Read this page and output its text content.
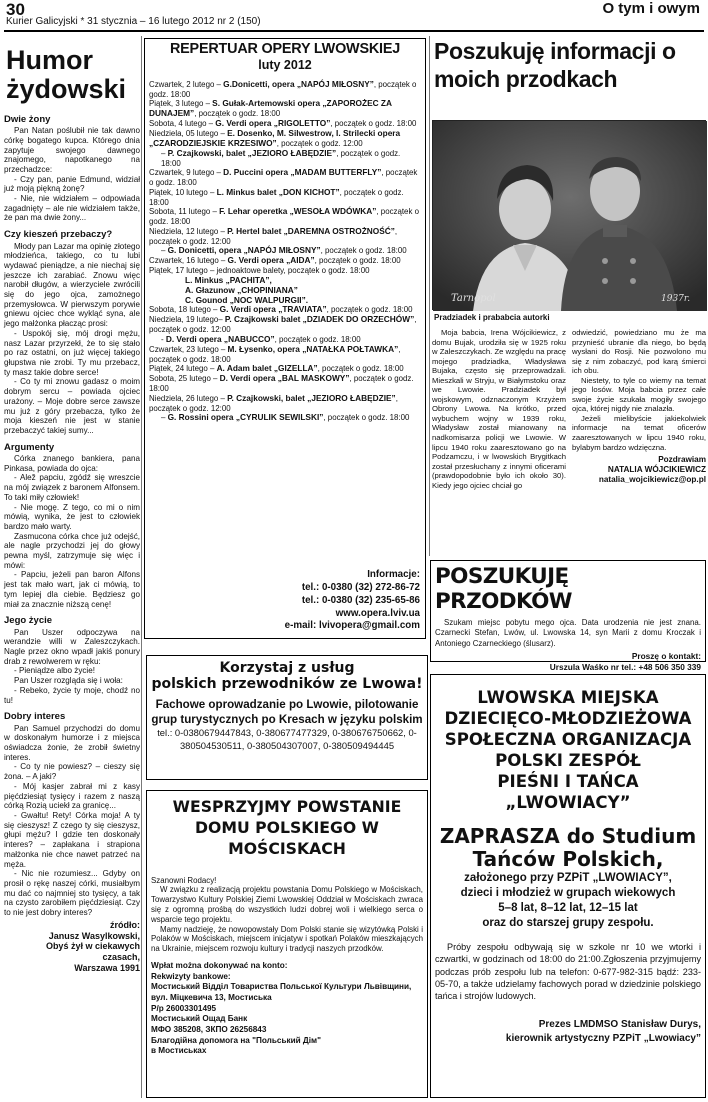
30
Kurier Galicyjski * 31 stycznia – 16 lutego 2012 nr 2 (150)
O tym i owym
Humor żydowski
Dwie żony

Pan Natan poślubił nie tak dawno córkę bogatego kupca. Którego dnia zapytuje swojego dawnego znajomego, napotkanego na przechadzce:

- Czy pan, panie Edmund, widział już moją piękną żonę?

- Nie, nie widziałem – odpowiada zagadnięty – ale nie widziałem także, że pan ma dwie żony...

Czy kieszeń przebaczy?

Młody pan Lazar ma opinię złotego młodzieńca, takiego, co tu lubi wydawać pieniądze, a nie niechaj się jeszcze ich zarabiać. Znowu więc narobił długów, a wierzyciele zwrócili się do jego ojca, zamożnego przemysłowca. W pierwszym porywie gniewu ojciec chce wykląć syna, ale jego małżonka płacząc prosi:

- Uspokój się, mój drogi mężu, nasz Lazar przyrzekł, że to się stało po raz ostatni, on już więcej takiego głupstwa nie zrobi. Ty mu przebacz, ty masz takie dobre serce!

- Co ty mi znowu gadasz o moim dobrym sercu – powiada ojciec urażony. – Moje dobre serce zawsze mu już z góry przebacza, tylko że moja kieszeń nie jest w stanie przebaczyć takiej sumy...

Argumenty

Córka znanego bankiera, pana Pinkasa, powiada do ojca:

- Alež papciu, zgódź się wreszcie na mój związek z baronem Alfonsem. To taki miły człowiek!

- Nie mogę. Z tego, co mi o nim mówią, wynika, że jest to człowiek bardzo mało warty.

Zasmucona córka chce już odejść, ale nagle przychodzi jej do głowy pewna myśl, zatrzymuje się więc i mówi:

- Papciu, jeżeli pan baron Alfons jest tak mało wart, jak ci mówią, to tym lepiej dla ciebie. Będziesz go miał za znacznie niższą cenę!

Jego życie

Pan Uszer odpoczywa na werandzie willi w Zaleszczykach. Nagle przez okno wpadł jakiś ponury drab z rewolwerem w ręku:

- Pieniądze albo życie!

Pan Uszer rozgląda się i woła:

- Rebeko, życie ty moje, chodź no tu!

Dobry interes

Pan Samuel przychodzi do domu w doskonałym humorze i z miejsca oświadcza żonie, że zrobił świetny interes.

- Co ty nie powiesz? – cieszy się żona. – A jaki?

- Mój kasjer zabrał mi z kasy pięćdziesiąt tysięcy i razem z naszą córką Rozią uciekł za granicę...

- Gwałtu! Rety! Córka moja! A ty się cieszysz! Z czego ty się cieszysz, głupi mężu? I gdzie ten doskonały interes? – zapłakana i strapiona małżonka nie chce nawet patrzeć na męża.

- Nic nie rozumiesz... Gdyby on prosił o rękę naszej córki, musiałbym mu dać co najmniej sto tysięcy, a tak na czysto zarobiłem pięćdziesiąt. Czy to nie jest dobry interes?

źródło:
Janusz Wasylkowski,
Obyś żył w ciekawych
czasach,
Warszawa 1991
REPERTUAR OPERY LWOWSKIEJ
luty 2012
Czwartek, 2 lutego – G.Donicetti, opera „NAPÓJ MIŁOSNY”, początek o godz. 18:00
Piątek, 3 lutego – S. Gułak-Artemowski opera „ZAPOROŻEC ZA DUNAJEM”, początek o godz. 18:00
Sobota, 4 lutego – G. Verdi opera „RIGOLETTO”, początek o godz. 18:00
Niedziela, 05 lutego – E. Dosenko, M. Silwestrow, I. Strilecki opera „CZARODZIEJSKIE KRZESIWO”, początek o godz. 12:00
– P. Czajkowski, balet „JEZIORO ŁABĘDZIE”, początek o godz. 18:00
Czwartek, 9 lutego – D. Puccini opera „MADAM BUTTERFLY”, początek o godz. 18:00
Piątek, 10 lutego – L. Minkus balet „DON KICHOT”, początek o godz. 18:00
Sobota, 11 lutego – F. Lehar operetka „WESOŁA WDÓWKA”, początek o godz. 18:00
Niedziela, 12 lutego – P. Hertel balet „DAREMNA OSTROŻNOŚĆ”, początek o godz. 12:00
– G. Donicetti, opera „NAPÓJ MIŁOSNY”, początek o godz. 18:00
Czwartek, 16 lutego – G. Verdi opera „AIDA”, początek o godz. 18:00
Piątek, 17 lutego – jednoaktowe balety, początek o godz. 18:00
L. Minkus „PACHITA”,
A. Głazunow „CHOPINIANA”
C. Gounod „NOC WALPURGII”.
Sobota, 18 lutego – G. Verdi opera „TRAVIATA”, początek o godz. 18:00
Niedziela, 19 lutego– P. Czajkowski balet „DZIADEK DO ORZECHÓW”, początek o godz. 12:00
- D. Verdi opera „NABUCCO”, początek o godz. 18:00
Czwartek, 23 lutego – M. Łysenko, opera „NATAŁKA POŁTAWKA”, początek o godz. 18:00
Piątek, 24 lutego – A. Adam balet „GIZELLA”, początek o godz. 18:00
Sobota, 25 lutego – D. Verdi opera „BAL MASKOWY”, początek o godz. 18:00
Niedziela, 26 lutego – P. Czajkowski, balet „JEZIORO ŁABĘDZIE”, początek o godz. 12:00
– G. Rossini opera „CYRULIK SEWILSKI”, początek o godz. 18:00
Informacje:
tel.: 0-0380 (32) 272-86-72
tel.: 0-0380 (32) 235-65-86
www.opera.lviv.ua
e-mail: lvivopera@gmail.com
Korzystaj z usług
polskich przewodników ze Lwowa!
Fachowe oprowadzanie po Lwowie, pilotowanie grup turystycznych po Kresach w języku polskim
tel.: 0-0380679447843, 0-380677477329, 0-380676750662, 0-380504530511, 0-380504307007, 0-380509494445
WESPRZYJMY POWSTANIE DOMU POLSKIEGO W MOŚCISKACH

Szanowni Rodacy!

W związku z realizacją projektu powstania Domu Polskiego w Mościskach, Towarzystwo Kultury Polskiej Ziemi Lwowskiej Oddział w Mościskach zwraca się z ogromną prośbą do wszystkich ludzi dobrej woli i wielkiego serca o wsparcie tego projektu.

Mamy nadzieję, że nowopowstały Dom Polski stanie się wizytówką Polski i Polaków w Mościskach, miejscem inicjatyw i spotkań Polaków mieszkających na Ukrainie, miejscem rozwoju kultury i tradycji naszych przodków.

Wpłat można dokonywać na konto:
Rekwizyty bankowe:
Мостиський Відділ Товариства Польської Культури Львівщини, вул. Міцкевича 13, Мостиська
Р/р 26003301495
Мостиський Ощад Банк
МФО 385208, ЗКПО 26256843
Благодійна допомога на "Польський Дім"
в Мостиськах
Poszukuję informacji o moich przodkach
Tarnopol	1937r.
Pradziadek i prababcia autorki

Moja babcia, Irena Wójcikiewicz, z domu Bujak, urodziła się w 1925 roku w Zaleszczykach. Ze względu na pracę mojego pradziadka, Władysława Bujaka, często się przeprowadzali. Mieszkali w Stryju, w Białymstoku oraz we Lwowie. Pradziadek był wojskowym, odznaczonym Krzyżem Obrony Lwowa. Na krótko, przed wybuchem wojny w 1939 roku, Władysław został mianowany na nadkomisarza policji we Lwowie. W lipcu 1940 roku zaaresztowano go na Podzamczu, i w lwowskich Brygitkach został przesłuchany z innymi oficerami (prawdopodobnie było ich około 30). Kiedy jego ojciec chciał go

odwiedzić, powiedziano mu że ma przynieść ubranie dla niego, bo będą wysłani do Rosji. Nie pozwolono mu się z nim zobaczyć, pod karą śmierci ich obu.

Niestety, to tyle co wiemy na temat jego losów. Moja babcia przez całe swoje życie szukała mogiły swojego ojca, której nigdy nie znalazła.

Jeżeli mielibyście jakiekolwiek informacje na temat oficerów zaaresztowanych w lipcu 1940 roku, bylabym bardzo wdzięczna.

Pozdrawiam
NATALIA WÓJCIKIEWICZ
natalia_wojcikiewicz@op.pl
POSZUKUJĘ PRZODKÓW
Szukam miejsc pobytu mego ojca. Data urodzenia nie jest znana. Czarnecki Stefan, Lwów, ul. Lwowska 14, syn Marii z domu Kroczak i Antoniego Czarneckiego (ślusarz).
Proszę o kontakt:
Urszula Waśko nr tel.: +48 506 350 339
LWOWSKA MIEJSKA
DZIECIĘCO-MŁODZIEŻOWA
SPOŁECZNA ORGANIZACJA
POLSKI ZESPÓŁ
PIEŚNI I TAŃCA
„LWOWIACY”
ZAPRASZA do Studium
Tańców Polskich,
założonego przy PZPiT „LWOWIACY”,
dzieci i młodzież w grupach wiekowych
5–8 lat, 8–12 lat, 12–15 lat
oraz do starszej grupy zespołu.
Próby zespołu odbywają się w szkole nr 10 we wtorki i czwartki, w godzinach od 18:00 do 21:00.Zgłoszenia przyjmujemy podczas prób zespołu lub na telefon: 0-677-982-315 bądź: 233-05-70, a także udzielamy fachowych porad w dziedzinie polskiego tańca i strojów ludowych.
Prezes LMDMSO Stanisław Durys,
kierownik artystyczny PZPiT „Lwowiacy”
